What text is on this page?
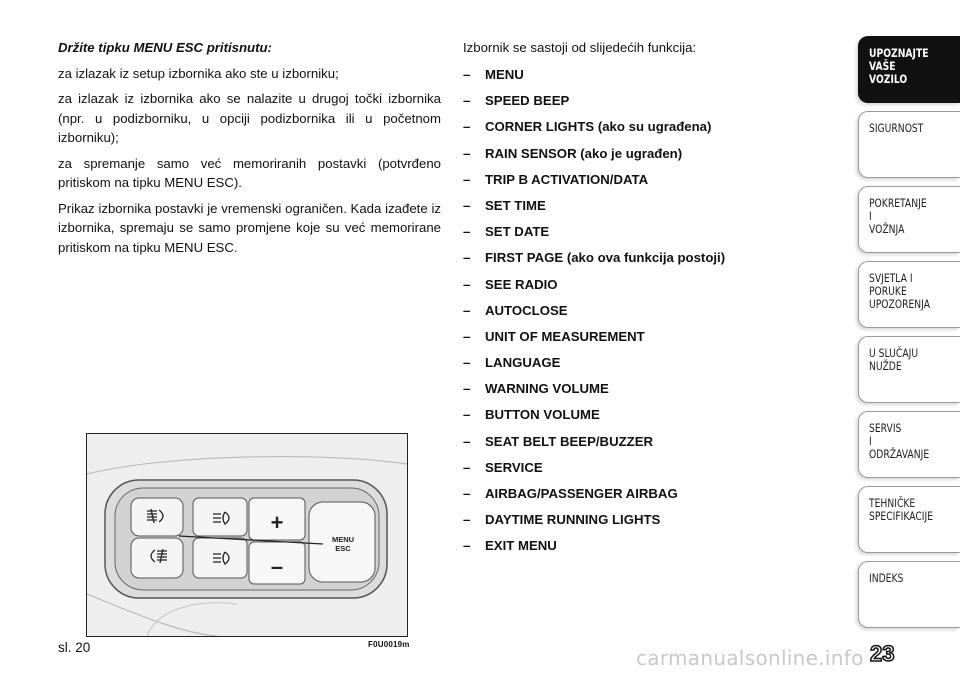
Držite tipku MENU ESC pritisnutu:

za izlazak iz setup izbornika ako ste u izborniku;

za izlazak iz izbornika ako se nalazite u drugoj točki izbornika (npr. u podizborniku, u opciji podizbornika ili u početnom izborniku);

za spremanje samo već memoriranih postavki (potvrđeno pritiskom na tipku MENU ESC).

Prikaz izbornika postavki je vremenski ograničen. Kada izađete iz izbornika, spremaju se samo promjene koje su već memorirane pritiskom na tipku MENU ESC.

Izbornik se sastoji od slijedećih funkcija:

– MENU
– SPEED BEEP
– CORNER LIGHTS (ako su ugrađena)
– RAIN SENSOR (ako je ugrađen)
– TRIP B ACTIVATION/DATA
– SET TIME
– SET DATE
– FIRST PAGE (ako ova funkcija postoji)
– SEE RADIO
– AUTOCLOSE
– UNIT OF MEASUREMENT
– LANGUAGE
– WARNING VOLUME
– BUTTON VOLUME
– SEAT BELT BEEP/BUZZER
– SERVICE
– AIRBAG/PASSENGER AIRBAG
– DAYTIME RUNNING LIGHTS
– EXIT MENU
+
–
MENU
ESC
sl. 20	F0U0019m
UPOZNAJTE
VAŠE
VOZILO
SIGURNOST
POKRETANJE
I
VOŽNJA
SVJETLA I
PORUKE
UPOZORENJA
U SLUČAJU
NUŽDE
SERVIS
I
ODRŽAVANJE
TEHNIČKE
SPECIFIKACIJE
INDEKS
carmanualsonline.info 23
